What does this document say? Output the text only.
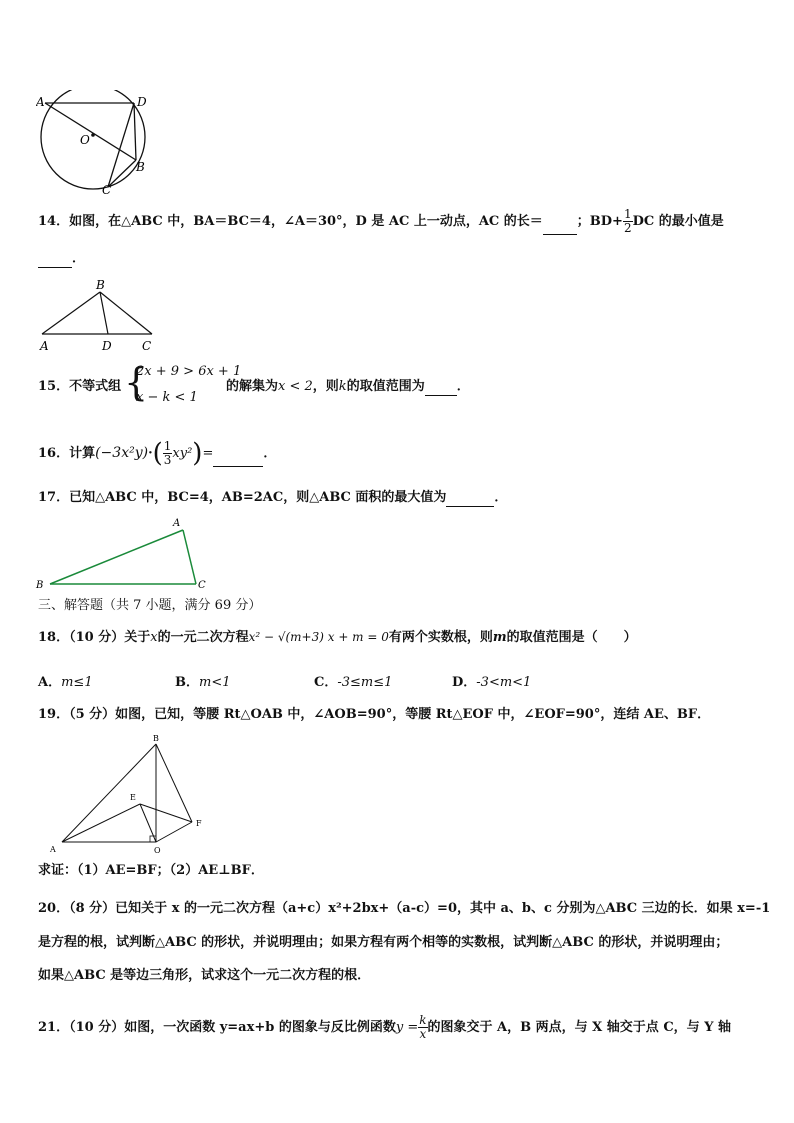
A	D
O
B
C
14．如图，在△ABC 中，BA＝BC＝4，∠A＝30°，D 是 AC 上一动点，AC 的长＝	；$BD+ \frac{1}{2}$ DC 的最小值是
．
B
A	D	C
15．不等式组 {
2x + 9 > 6x + 1
x − k < 1
的解集为x < 2，则k的取值范围为 ．
16．计算$(-3x^2y)\cdot( \frac{1}{3} xy^2)=$	．
17．已知△ABC 中，BC=4，AB=2AC，则△ABC 面积的最大值为	．
A
B	C
三、解答题（共 7 小题，满分 69 分）
18．（10 分）关于x的一元二次方程x² − √(m+3) x + m = 0有两个实数根，则m的取值范围是（　　）
A．m≤1	B．m<1	C．-3≤m≤1	D．-3<m<1
19．（5 分）如图，已知，等腰 Rt△OAB 中，∠AOB=90°，等腰 Rt△EOF 中，∠EOF=90°，连结 AE、BF．
B
E
F
A	O
求证：（1）AE=BF；（2）AE⊥BF．
20．（8 分）已知关于 x 的一元二次方程（a+c）x²+2bx+（a-c）=0，其中 a、b、c 分别为△ABC 三边的长．如果 x=-1
是方程的根，试判断△ABC 的形状，并说明理由；如果方程有两个相等的实数根，试判断△ABC 的形状，并说明理由；
如果△ABC 是等边三角形，试求这个一元二次方程的根．
21．（10 分）如图，一次函数 y=ax+b 的图象与反比例函数$y = \frac{k}{x}$ 的图象交于 A，B 两点，与 X 轴交于点 C，与 Y 轴
